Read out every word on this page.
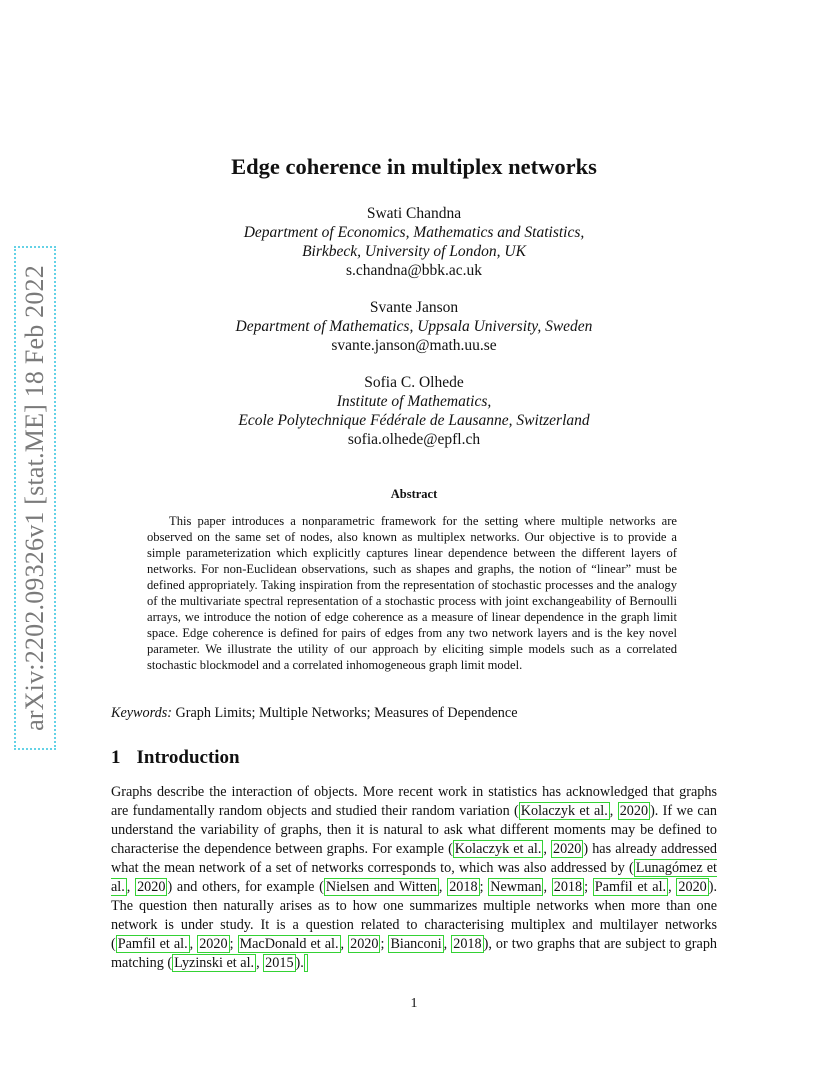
arXiv:2202.09326v1 [stat.ME] 18 Feb 2022
Edge coherence in multiplex networks
Swati Chandna
Department of Economics, Mathematics and Statistics,
Birkbeck, University of London, UK
s.chandna@bbk.ac.uk
Svante Janson
Department of Mathematics, Uppsala University, Sweden
svante.janson@math.uu.se
Sofia C. Olhede
Institute of Mathematics,
Ecole Polytechnique Fédérale de Lausanne, Switzerland
sofia.olhede@epfl.ch
Abstract

This paper introduces a nonparametric framework for the setting where multiple networks are observed on the same set of nodes, also known as multiplex networks. Our objective is to provide a simple parameterization which explicitly captures linear dependence between the different layers of networks. For non-Euclidean observations, such as shapes and graphs, the notion of “linear” must be defined appropriately. Taking inspiration from the representation of stochastic processes and the analogy of the multivariate spectral representation of a stochastic process with joint exchangeability of Bernoulli arrays, we introduce the notion of edge coherence as a measure of linear dependence in the graph limit space. Edge coherence is defined for pairs of edges from any two network layers and is the key novel parameter. We illustrate the utility of our approach by eliciting simple models such as a correlated stochastic blockmodel and a correlated inhomogeneous graph limit model.

Keywords: Graph Limits; Multiple Networks; Measures of Dependence

1 Introduction

Graphs describe the interaction of objects. More recent work in statistics has acknowledged that graphs are fundamentally random objects and studied their random variation ( Kolaczyk et al. , 2020 ). If we can understand the variability of graphs, then it is natural to ask what different moments may be defined to characterise the dependence between graphs. For example ( Kolaczyk et al. , 2020 ) has already addressed what the mean network of a set of networks corresponds to, which was also addressed by ( Lunagómez et al. , 2020 ) and others, for example ( Nielsen and Witten , 2018 ; Newman , 2018 ; Pamfil et al. , 2020 ). The question then naturally arises as to how one summarizes multiple networks when more than one network is under study. It is a question related to characterising multiplex and multilayer networks ( Pamfil et al. , 2020 ; MacDonald et al. , 2020 ; Bianconi , 2018 ), or two graphs that are subject to graph matching ( Lyzinski et al. , 2015 ).

1
